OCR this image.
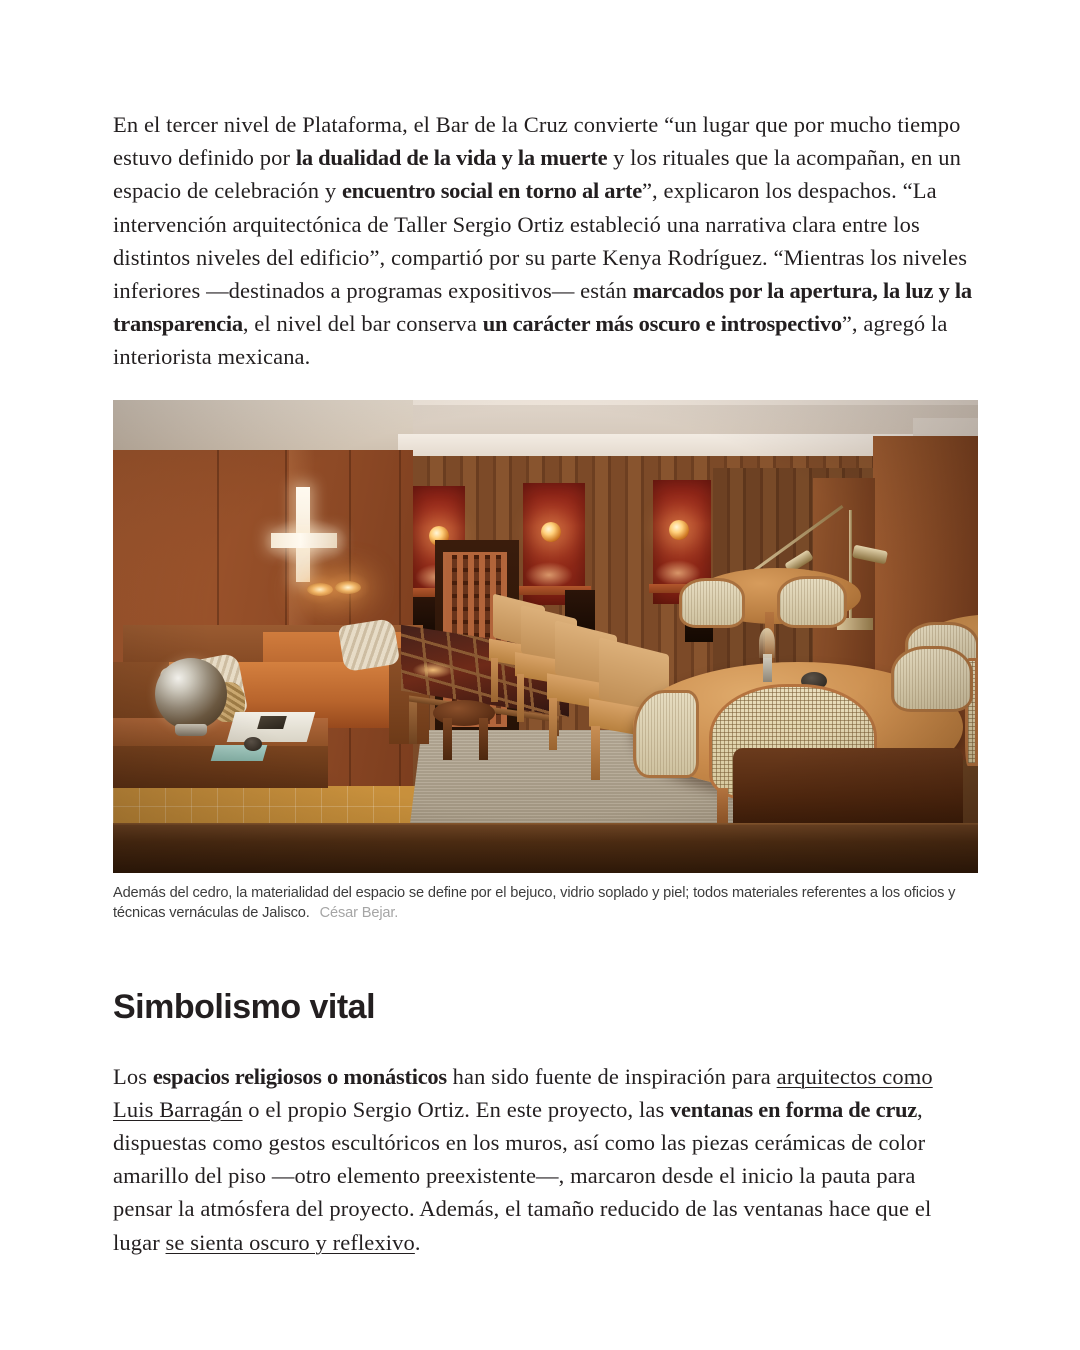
En el tercer nivel de Plataforma, el Bar de la Cruz convierte “un lugar que por mucho tiempo estuvo definido por la dualidad de la vida y la muerte y los rituales que la acompañan, en un espacio de celebración y encuentro social en torno al arte”, explicaron los despachos. “La intervención arquitectónica de Taller Sergio Ortiz estableció una narrativa clara entre los distintos niveles del edificio”, compartió por su parte Kenya Rodríguez. “Mientras los niveles inferiores —destinados a programas expositivos— están marcados por la apertura, la luz y la transparencia, el nivel del bar conserva un carácter más oscuro e introspectivo”, agregó la interiorista mexicana.

Además del cedro, la materialidad del espacio se define por el bejuco, vidrio soplado y piel; todos materiales referentes a los oficios y técnicas vernáculas de Jalisco. César Bejar.
Simbolismo vital

Los espacios religiosos o monásticos han sido fuente de inspiración para arquitectos como Luis Barragán o el propio Sergio Ortiz. En este proyecto, las ventanas en forma de cruz, dispuestas como gestos escultóricos en los muros, así como las piezas cerámicas de color amarillo del piso —otro elemento preexistente—, marcaron desde el inicio la pauta para pensar la atmósfera del proyecto. Además, el tamaño reducido de las ventanas hace que el lugar se sienta oscuro y reflexivo.
